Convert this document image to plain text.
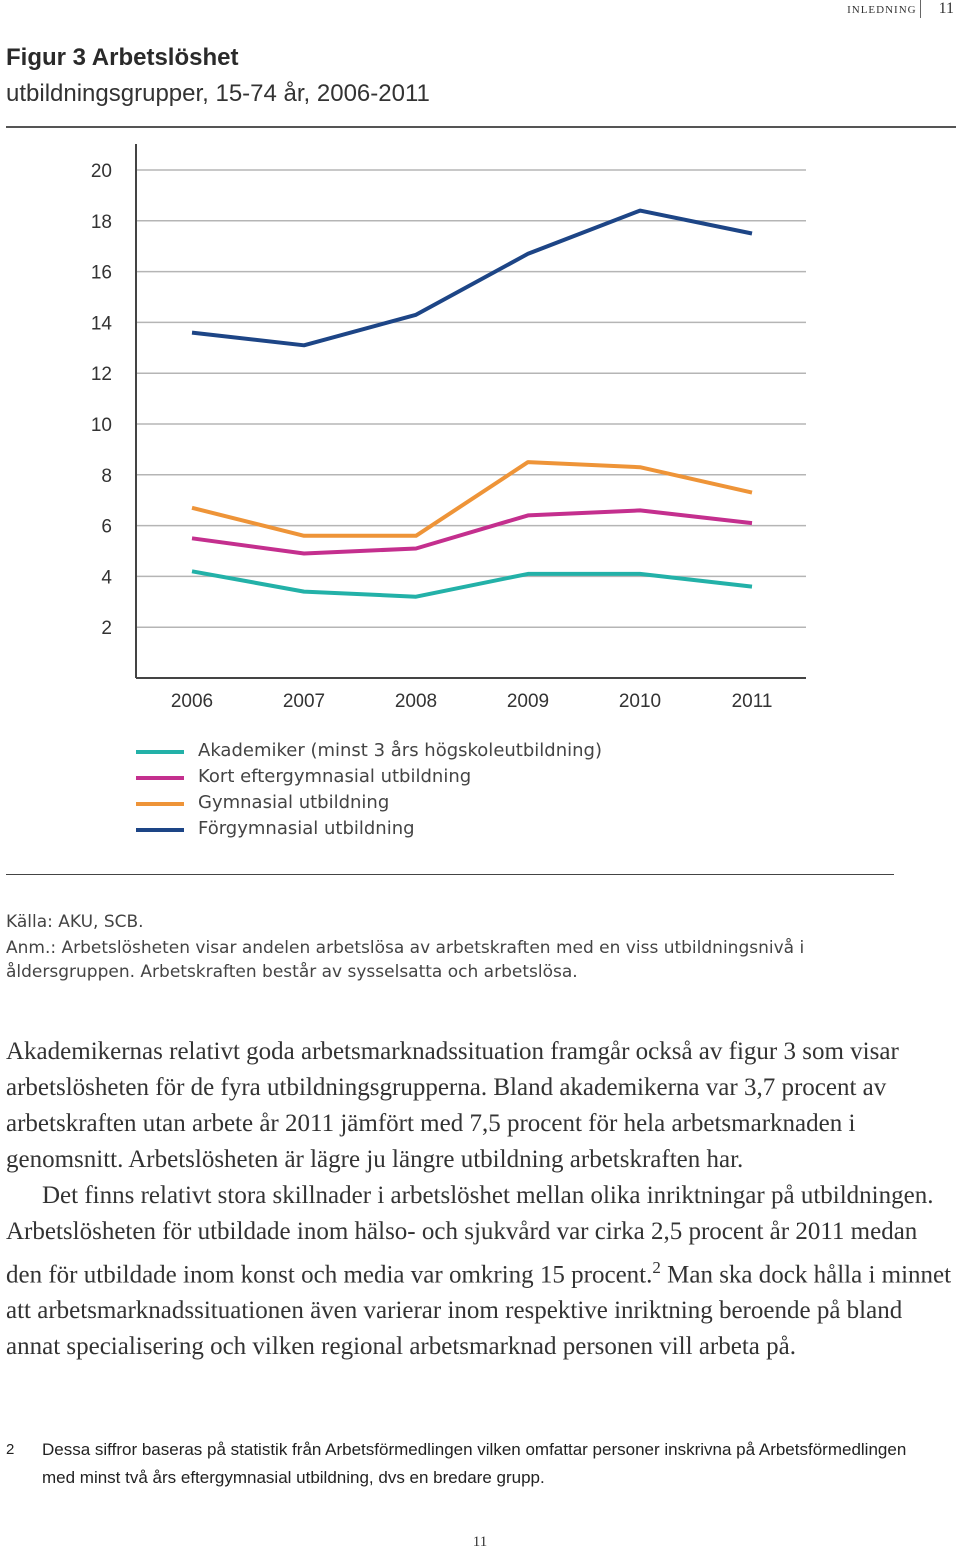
inledning 11
Figur 3 Arbetslöshet
utbildningsgrupper, 15-74 år, 2006-2011
2
4
6
8
10
12
14
16
18
20
2006	2007	2008	2009	2010	2011
Akademiker (minst 3 års högskoleutbildning)
Kort eftergymnasial utbildning
Gymnasial utbildning
Förgymnasial utbildning
Källa: AKU, SCB.
Anm.: Arbetslösheten visar andelen arbetslösa av arbetskraften med en viss utbildningsnivå i åldersgruppen. Arbetskraften består av sysselsatta och arbetslösa.

Akademikernas relativt goda arbetsmarknadssituation framgår också av figur 3 som visar arbetslösheten för de fyra utbildningsgrupperna. Bland akademikerna var 3,7 procent av arbetskraften utan arbete år 2011 jämfört med 7,5 procent för hela arbetsmarknaden i genomsnitt. Arbetslösheten är lägre ju längre utbildning arbetskraften har.

Det finns relativt stora skillnader i arbetslöshet mellan olika inriktningar på utbildningen. Arbetslösheten för utbildade inom hälso- och sjukvård var cirka 2,5 procent år 2011 medan den för utbildade inom konst och media var omkring 15 procent.$^2$ Man ska dock hålla i minnet att arbetsmarknadssituationen även varierar inom respektive inriktning beroende på bland annat specialisering och vilken regional arbetsmarknad personen vill arbeta på.

2 Dessa siffror baseras på statistik från Arbetsförmedlingen vilken omfattar personer inskrivna på Arbetsförmedlingen med minst två års eftergymnasial utbildning, dvs en bredare grupp.
11
